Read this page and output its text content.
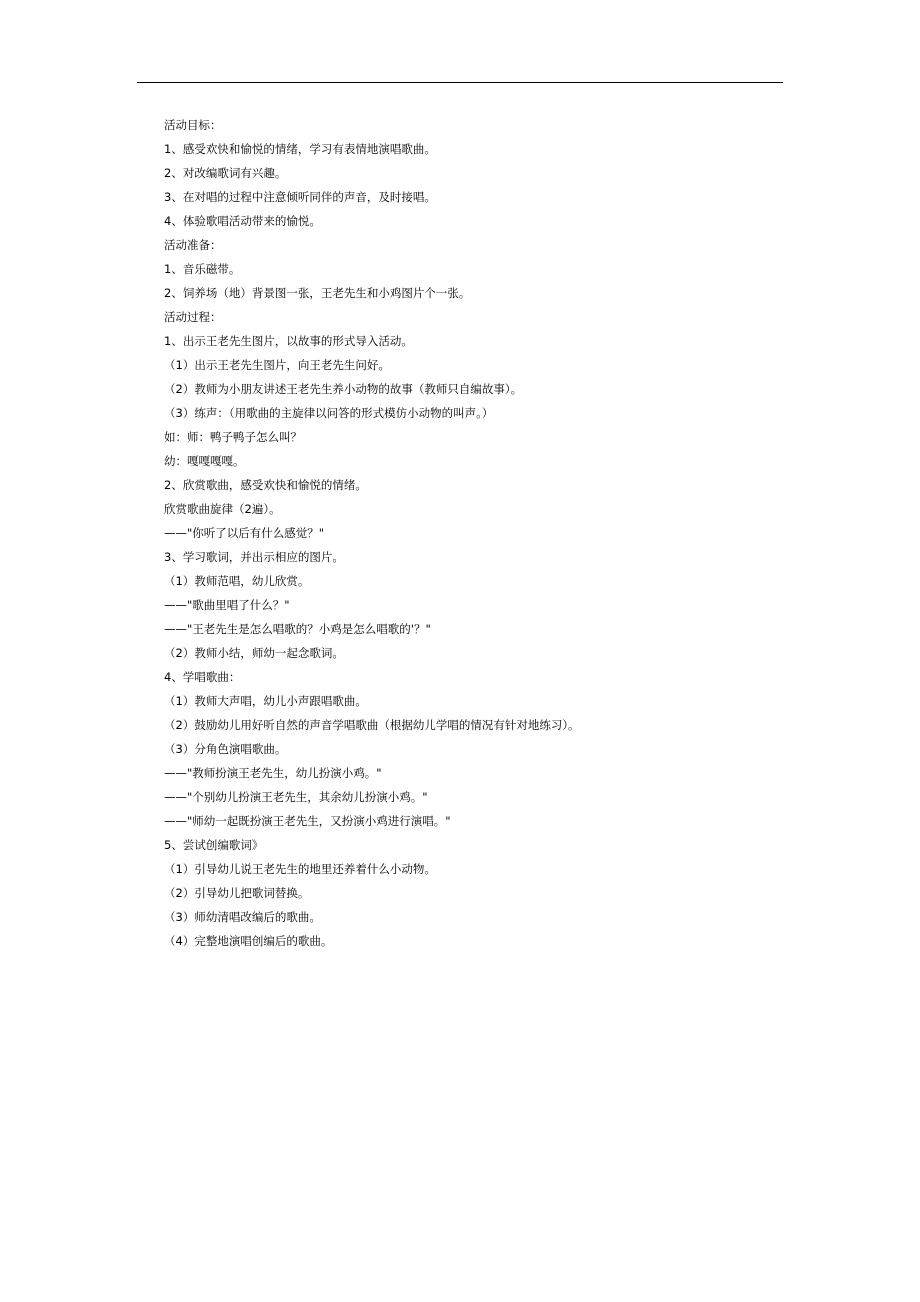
活动目标：
1、感受欢快和愉悦的情绪，学习有表情地演唱歌曲。
2、对改编歌词有兴趣。
3、在对唱的过程中注意倾听同伴的声音，及时接唱。
4、体验歌唱活动带来的愉悦。
活动准备：
1、音乐磁带。
2、饲养场（地）背景图一张，王老先生和小鸡图片个一张。
活动过程：
1、出示王老先生图片，以故事的形式导入活动。
（1）出示王老先生图片，向王老先生问好。
（2）教师为小朋友讲述王老先生养小动物的故事（教师只自编故事）。
（3）练声：（用歌曲的主旋律以问答的形式模仿小动物的叫声。）
如：师：鸭子鸭子怎么叫？
幼：嘎嘎嘎嘎。
2、欣赏歌曲，感受欢快和愉悦的情绪。
欣赏歌曲旋律（2遍）。
——"你听了以后有什么感觉？"
3、学习歌词，并出示相应的图片。
（1）教师范唱，幼儿欣赏。
——"歌曲里唱了什么？"
——"王老先生是怎么唱歌的？小鸡是怎么唱歌的'？"
（2）教师小结，师幼一起念歌词。
4、学唱歌曲：
（1）教师大声唱，幼儿小声跟唱歌曲。
（2）鼓励幼儿用好听自然的声音学唱歌曲（根据幼儿学唱的情况有针对地练习）。
（3）分角色演唱歌曲。
——"教师扮演王老先生，幼儿扮演小鸡。"
——"个别幼儿扮演王老先生，其余幼儿扮演小鸡。"
——"师幼一起既扮演王老先生，又扮演小鸡进行演唱。"
5、尝试创编歌词》
（1）引导幼儿说王老先生的地里还养着什么小动物。
（2）引导幼儿把歌词替换。
（3）师幼清唱改编后的歌曲。
（4）完整地演唱创编后的歌曲。
